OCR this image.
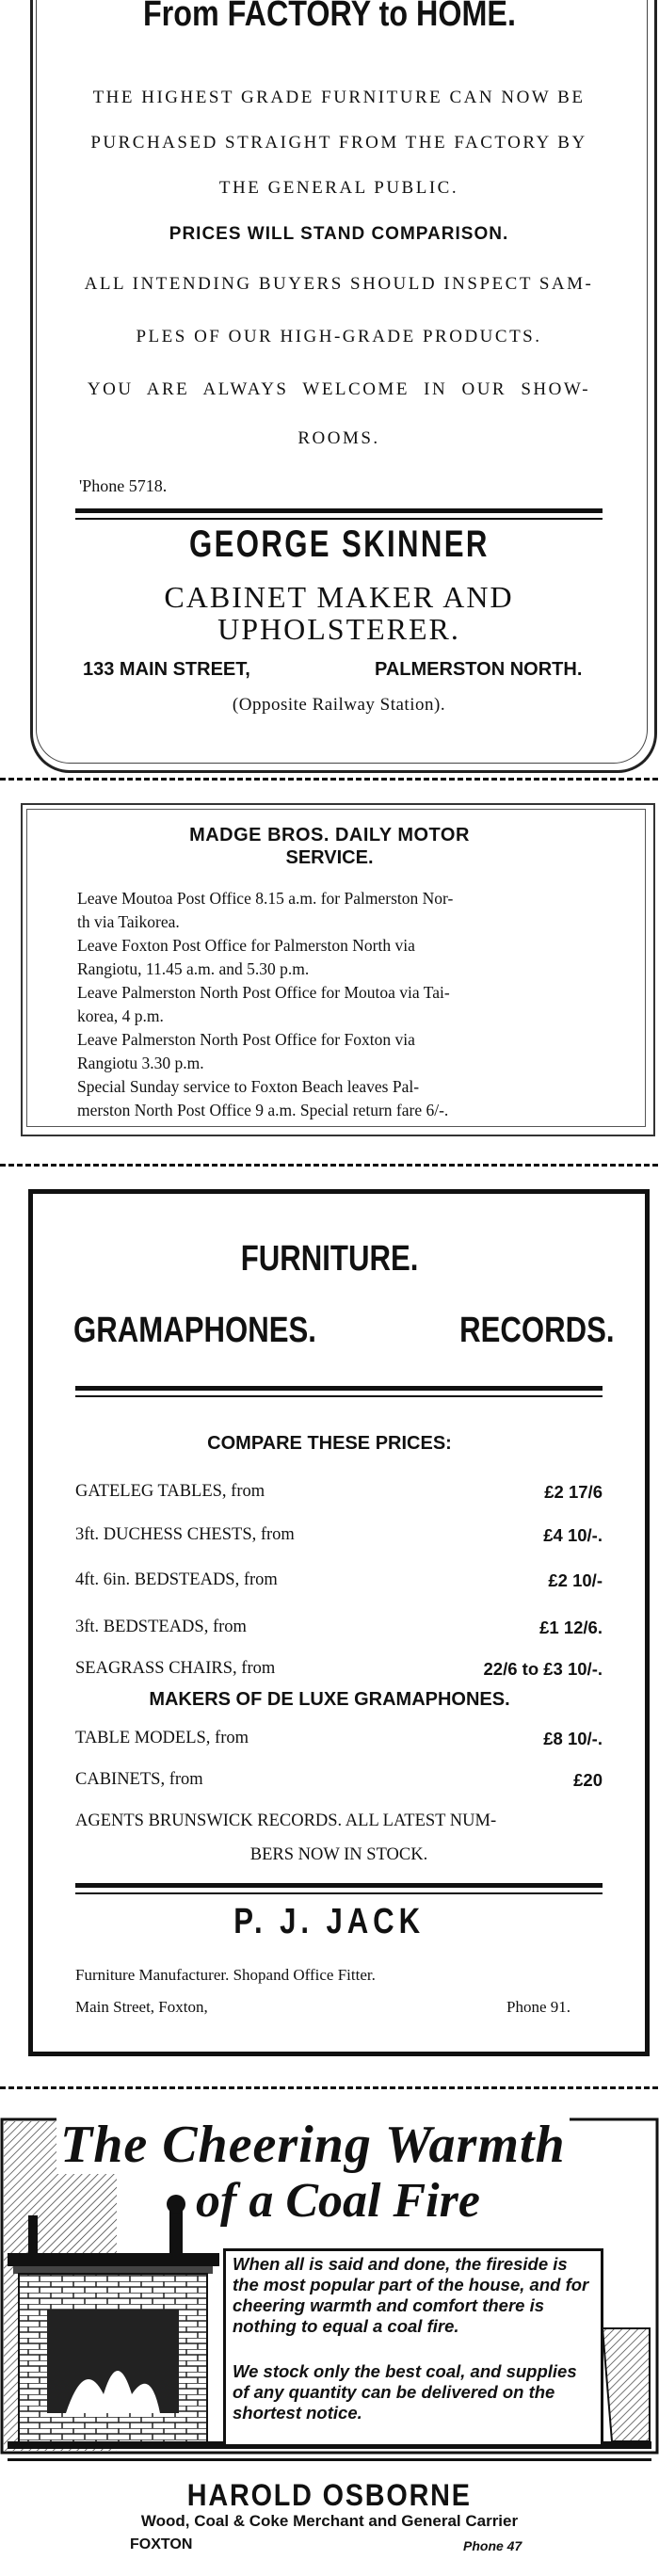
From FACTORY to HOME.
THE HIGHEST GRADE FURNITURE CAN NOW BE
PURCHASED STRAIGHT FROM THE FACTORY BY
THE GENERAL PUBLIC.
PRICES WILL STAND COMPARISON.
ALL INTENDING BUYERS SHOULD INSPECT SAM-
PLES OF OUR HIGH-GRADE PRODUCTS.
YOU ARE ALWAYS WELCOME IN OUR SHOW-
ROOMS.
'Phone 5718.
GEORGE SKINNER
CABINET MAKER AND
UPHOLSTERER.
133 MAIN STREET,	PALMERSTON NORTH.
(Opposite Railway Station).
MADGE BROS. DAILY MOTOR
SERVICE.
Leave Moutoa Post Office 8.15 a.m. for Palmerston Nor-
th via Taikorea.
Leave Foxton Post Office for Palmerston North via
Rangiotu, 11.45 a.m. and 5.30 p.m.
Leave Palmerston North Post Office for Moutoa via Tai-
korea, 4 p.m.
Leave Palmerston North Post Office for Foxton via
Rangiotu 3.30 p.m.
Special Sunday service to Foxton Beach leaves Pal-
merston North Post Office 9 a.m. Special return fare 6/-.
FURNITURE.
GRAMAPHONES.	RECORDS.
COMPARE THESE PRICES:
GATELEG TABLES, from	£2 17/6
3ft. DUCHESS CHESTS, from	£4 10/-.
4ft. 6in. BEDSTEADS, from	£2 10/-
3ft. BEDSTEADS, from	£1 12/6.
SEAGRASS CHAIRS, from	22/6 to £3 10/-.
MAKERS OF DE LUXE GRAMAPHONES.
TABLE MODELS, from	£8 10/-.
CABINETS, from	£20
AGENTS BRUNSWICK RECORDS. ALL LATEST NUM-
BERS NOW IN STOCK.
P. J. JACK
Furniture Manufacturer. Shopand Office Fitter.
Main Street, Foxton,	Phone 91.
The Cheering Warmth
of a Coal Fire
When all is said and done, the fireside is the most popular part of the house, and for cheering warmth and comfort there is nothing to equal a coal fire.
We stock only the best coal, and supplies of any quantity can be delivered on the shortest notice.
HAROLD OSBORNE
Wood, Coal & Coke Merchant and General Carrier
FOXTON	Phone 47
